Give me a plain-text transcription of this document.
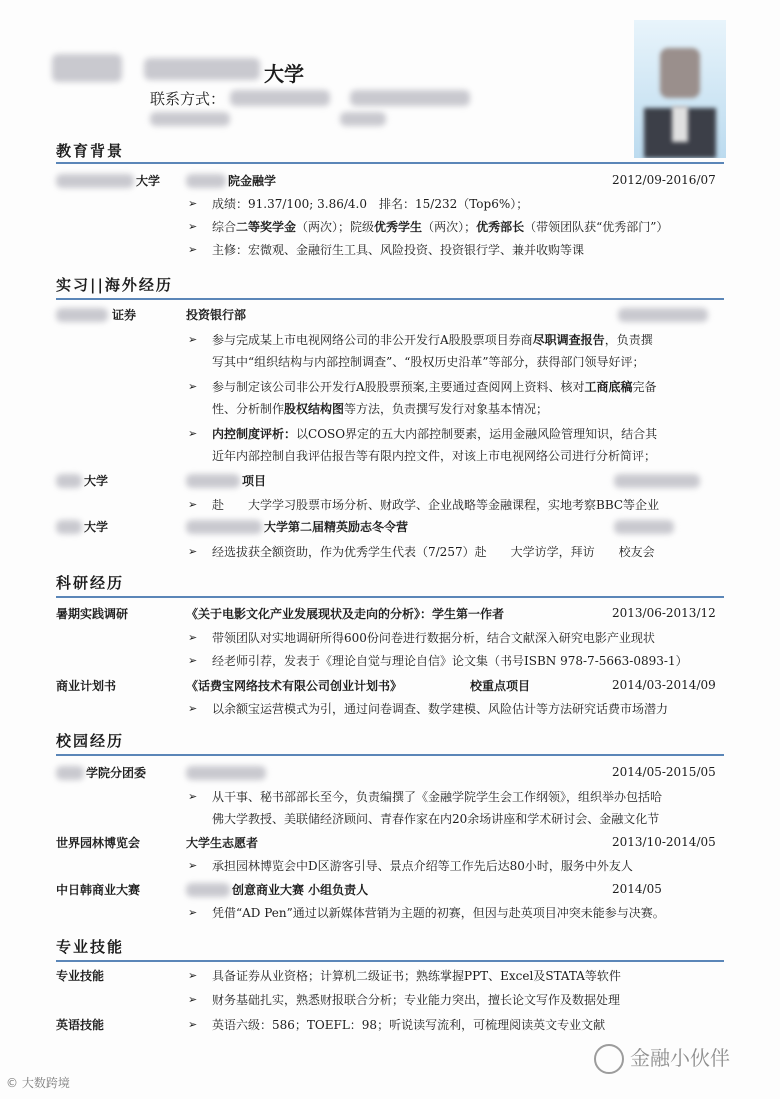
大学
联系方式：
教育背景
大学	院金融学	2012/09-2016/07
➢ 成绩：91.37/100; 3.86/4.0　排名：15/232（Top6%）；
➢ 综合二等奖学金（两次）；院级优秀学生（两次）；优秀部长（带领团队获“优秀部门”）
➢ 主修：宏微观、金融衍生工具、风险投资、投资银行学、兼并收购等课
实习||海外经历
证券	投资银行部
➢ 参与完成某上市电视网络公司的非公开发行A股股票项目券商尽职调查报告，负责撰
写其中“组织结构与内部控制调查”、“股权历史沿革”等部分，获得部门领导好评；
➢ 参与制定该公司非公开发行A股股票预案,主要通过查阅网上资料、核对工商底稿完备
性、分析制作股权结构图等方法，负责撰写发行对象基本情况；
➢ 内控制度评析：以COSO界定的五大内部控制要素，运用金融风险管理知识，结合其
近年内部控制自我评估报告等有限内控文件，对该上市电视网络公司进行分析简评；
大学	项目
➢ 赴　　大学学习股票市场分析、财政学、企业战略等金融课程，实地考察BBC等企业
大学	大学第二届精英励志冬令营
➢ 经选拔获全额资助，作为优秀学生代表（7/257）赴　　大学访学，拜访　　校友会
科研经历
暑期实践调研	《关于电影文化产业发展现状及走向的分析》：学生第一作者	2013/06-2013/12
➢ 带领团队对实地调研所得600份问卷进行数据分析，结合文献深入研究电影产业现状
➢ 经老师引荐，发表于《理论自觉与理论自信》论文集（书号ISBN 978-7-5663-0893-1）
商业计划书	《话费宝网络技术有限公司创业计划书》	校重点项目	2014/03-2014/09
➢ 以余额宝运营模式为引，通过问卷调查、数学建模、风险估计等方法研究话费市场潜力
校园经历
学院分团委	2014/05-2015/05
➢ 从干事、秘书部部长至今，负责编撰了《金融学院学生会工作纲领》，组织举办包括哈
佛大学教授、美联储经济顾问、青春作家在内20余场讲座和学术研讨会、金融文化节
世界园林博览会	大学生志愿者	2013/10-2014/05
➢ 承担园林博览会中D区游客引导、景点介绍等工作先后达80小时，服务中外友人
中日韩商业大赛	创意商业大赛 小组负责人	2014/05
➢ 凭借“AD Pen”通过以新媒体营销为主题的初赛，但因与赴英项目冲突未能参与决赛。
专业技能
专业技能	➢ 具备证券从业资格；计算机二级证书；熟练掌握PPT、Excel及STATA等软件
➢ 财务基础扎实，熟悉财报联合分析；专业能力突出，擅长论文写作及数据处理
英语技能	➢ 英语六级：586；TOEFL：98；听说读写流利，可梳理阅读英文专业文献
金融小伙伴
© 大数跨境
